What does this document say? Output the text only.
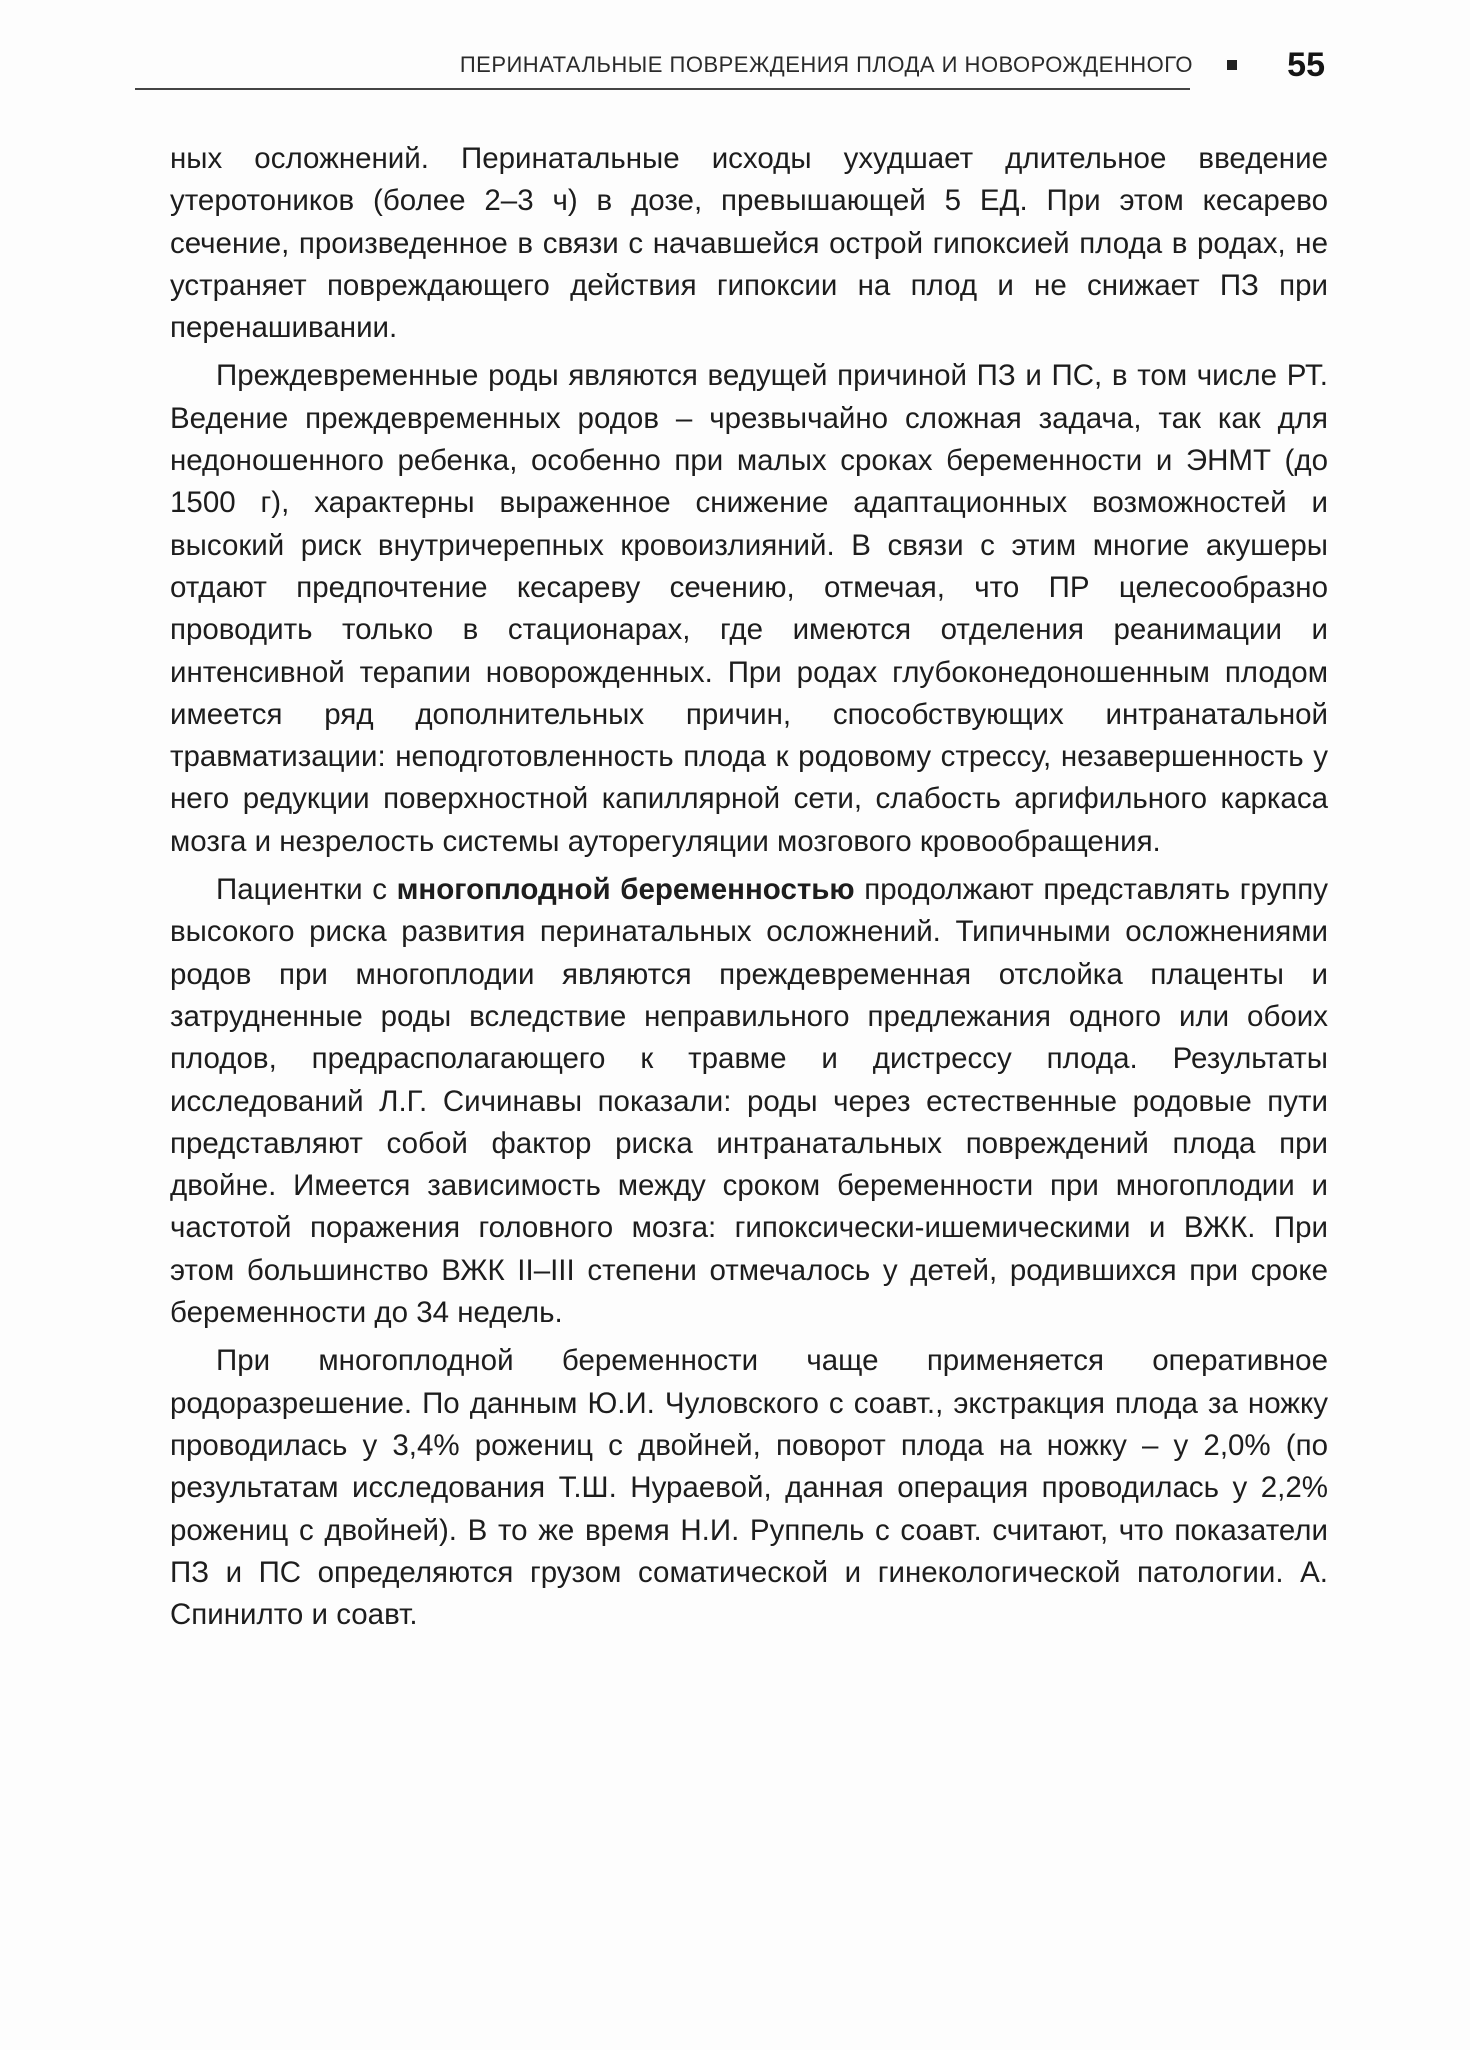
ПЕРИНАТАЛЬНЫЕ ПОВРЕЖДЕНИЯ ПЛОДА И НОВОРОЖДЕННОГО	55

ных осложнений. Перинатальные исходы ухудшает длительное введение утеротоников (более 2–3 ч) в дозе, превышающей 5 ЕД. При этом кесарево сечение, произведенное в связи с начавшейся острой гипоксией плода в родах, не устраняет повреждающего действия гипоксии на плод и не снижает ПЗ при перенашивании.

Преждевременные роды являются ведущей причиной ПЗ и ПС, в том числе РТ. Ведение преждевременных родов – чрезвычайно сложная задача, так как для недоношенного ребенка, особенно при малых сроках беременности и ЭНМТ (до 1500 г), характерны выраженное снижение адаптационных возможностей и высокий риск внутричерепных кровоизлияний. В связи с этим многие акушеры отдают предпочтение кесареву сечению, отмечая, что ПР целесообразно проводить только в стационарах, где имеются отделения реанимации и интенсивной терапии новорожденных. При родах глубоконедоношенным плодом имеется ряд дополнительных причин, способствующих интранатальной травматизации: неподготовленность плода к родовому стрессу, незавершенность у него редукции поверхностной капиллярной сети, слабость аргифильного каркаса мозга и незрелость системы ауторегуляции мозгового кровообращения.

Пациентки с многоплодной беременностью продолжают представлять группу высокого риска развития перинатальных осложнений. Типичными осложнениями родов при многоплодии являются преждевременная отслойка плаценты и затрудненные роды вследствие неправильного предлежания одного или обоих плодов, предрасполагающего к травме и дистрессу плода. Результаты исследований Л.Г. Сичинавы показали: роды через естественные родовые пути представляют собой фактор риска интранатальных повреждений плода при двойне. Имеется зависимость между сроком беременности при многоплодии и частотой поражения головного мозга: гипоксически-ишемическими и ВЖК. При этом большинство ВЖК II–III степени отмечалось у детей, родившихся при сроке беременности до 34 недель.

При многоплодной беременности чаще применяется оперативное родоразрешение. По данным Ю.И. Чуловского с соавт., экстракция плода за ножку проводилась у 3,4% рожениц с двойней, поворот плода на ножку – у 2,0% (по результатам исследования Т.Ш. Нураевой, данная операция проводилась у 2,2% рожениц с двойней). В то же время Н.И. Руппель с соавт. считают, что показатели ПЗ и ПС определяются грузом соматической и гинекологической патологии. А. Спинилто и соавт.
